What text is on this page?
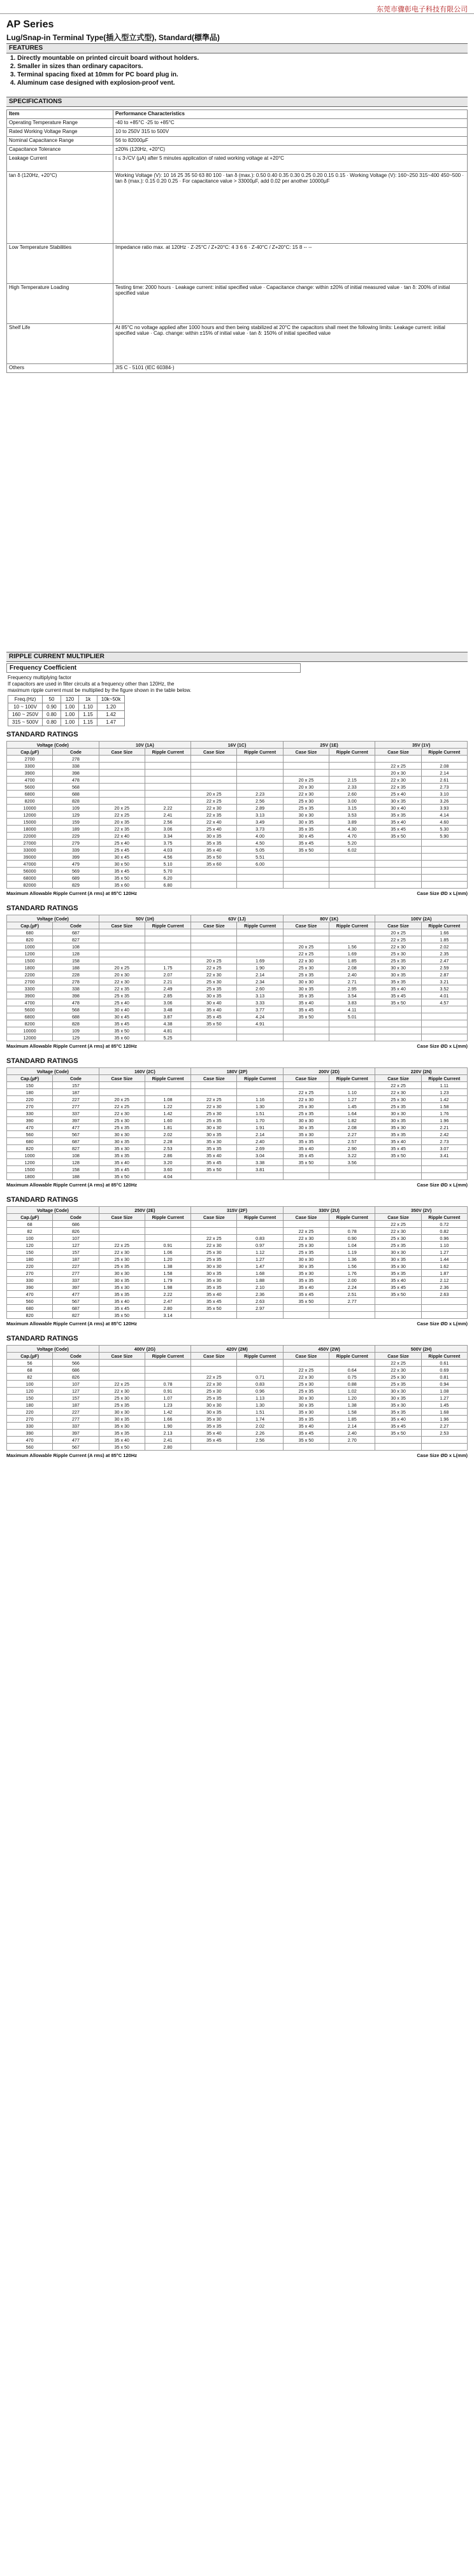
东莞市骤彰电子科技有限公司
AP Series
Lug/Snap-in Terminal Type(插入型立式型), Standard(標準品)
FEATURES
1. Directly mountable on printed circuit board without holders.
2. Smaller in sizes than ordinary capacitors.
3. Terminal spacing fixed at 10mm for PC board plug in.
4. Aluminum case designed with explosion-proof vent.
SPECIFICATIONS
Item	Performance Characteristics
Operating Temperature Range	-40 to +85°C -25 to +85°C
Rated Working Voltage Range	10 to 250V 315 to 500V
Nominal Capacitance Range	56 to 82000µF
Capacitance Tolerance	±20% (120Hz, +20°C)
Leakage Current	I ≤ 3√CV (µA) after 5 minutes application of rated working voltage at +20°C
tan δ (120Hz, +20°C)	Working Voltage (V): 10 16 25 35 50 63 80 100 · tan δ (max.): 0.50 0.40 0.35 0.30 0.25 0.20 0.15 0.15 · Working Voltage (V): 160~250 315~400 450~500 · tan δ (max.): 0.15 0.20 0.25 · For capacitance value > 33000µF, add 0.02 per another 10000µF
Low Temperature Stabilities	Impedance ratio max. at 120Hz · Z-25°C / Z+20°C: 4 3 6 6 · Z-40°C / Z+20°C: 15 8 -- --
High Temperature Loading	Testing time: 2000 hours · Leakage current: initial specified value · Capacitance change: within ±20% of initial measured value · tan δ: 200% of initial specified value
Shelf Life	At 85°C no voltage applied after 1000 hours and then being stabilized at 20°C the capacitors shall meet the following limits: Leakage current: initial specified value · Cap. change: within ±15% of initial value · tan δ: 150% of initial specified value
Others	JIS C - 5101 (IEC 60384-)
RIPPLE CURRENT MULTIPLIER
Frequency Coefficient
Frequency multiplying factor
If capacitors are used in filter circuits at a frequency other than 120Hz, the
maximum ripple current must be multiplied by the figure shown in the table below.
Freq.(Hz)	50	120	1k	10k~50k
10 ~ 100V	0.90	1.00	1.10	1.20
160 ~ 250V	0.80	1.00	1.15	1.42
315 ~ 500V	0.80	1.00	1.15	1.47
STANDARD RATINGS
Voltage (Code)		10V (1A)		16V (1C)		25V (1E)		35V (1V)	
Cap.(µF)	Code	Case Size	Ripple Current	Case Size	Ripple Current	Case Size	Ripple Current	Case Size	Ripple Current
2700	278								
3300	338							22 x 25	2.08
3900	398							20 x 30	2.14
4700	478					20 x 25	2.15	22 x 30	2.61
5600	568					20 x 30	2.33	22 x 35	2.73
6800	688			20 x 25	2.23	22 x 30	2.60	25 x 40	3.10
8200	828			22 x 25	2.56	25 x 30	3.00	30 x 35	3.26
10000	109	20 x 25	2.22	22 x 30	2.89	25 x 35	3.15	30 x 40	3.93
12000	129	22 x 25	2.41	22 x 35	3.13	30 x 30	3.53	35 x 35	4.14
15000	159	20 x 35	2.56	22 x 40	3.49	30 x 35	3.89	35 x 40	4.60
18000	189	22 x 35	3.06	25 x 40	3.73	35 x 35	4.30	35 x 45	5.30
22000	229	22 x 40	3.34	30 x 35	4.00	30 x 45	4.70	35 x 50	5.90
27000	279	25 x 40	3.75	35 x 35	4.50	35 x 45	5.20		
33000	339	25 x 45	4.03	35 x 40	5.05	35 x 50	6.02		
39000	399	30 x 45	4.56	35 x 50	5.51				
47000	479	30 x 50	5.10	35 x 60	6.00				
56000	569	35 x 45	5.70						
68000	689	35 x 50	6.20						
82000	829	35 x 60	6.80						
Maximum Allowable Ripple Current (A rms) at 85°C 120Hz	Case Size ØD x L(mm)
STANDARD RATINGS
Voltage (Code)		50V (1H)		63V (1J)		80V (1K)		100V (2A)	
Cap.(µF)	Code	Case Size	Ripple Current	Case Size	Ripple Current	Case Size	Ripple Current	Case Size	Ripple Current
680	687							20 x 25	1.66
820	827							22 x 25	1.85
1000	108					20 x 25	1.56	22 x 30	2.02
1200	128					22 x 25	1.69	25 x 30	2.35
1500	158			20 x 25	1.69	22 x 30	1.85	25 x 35	2.47
1800	188	20 x 25	1.75	22 x 25	1.90	25 x 30	2.08	30 x 30	2.59
2200	228	20 x 30	2.07	22 x 30	2.14	25 x 35	2.40	30 x 35	2.87
2700	278	22 x 30	2.21	25 x 30	2.34	30 x 30	2.71	35 x 35	3.21
3300	338	22 x 35	2.49	25 x 35	2.60	30 x 35	2.95	35 x 40	3.52
3900	398	25 x 35	2.85	30 x 35	3.13	35 x 35	3.54	35 x 45	4.01
4700	478	25 x 40	3.06	30 x 40	3.33	35 x 40	3.83	35 x 50	4.57
5600	568	30 x 40	3.48	35 x 40	3.77	35 x 45	4.11		
6800	688	30 x 45	3.87	35 x 45	4.24	35 x 50	5.01		
8200	828	35 x 45	4.38	35 x 50	4.91				
10000	109	35 x 50	4.81						
12000	129	35 x 60	5.25						
Maximum Allowable Ripple Current (A rms) at 85°C 120Hz	Case Size ØD x L(mm)
STANDARD RATINGS
Voltage (Code)		160V (2C)		180V (2P)		200V (2D)		220V (2N)	
Cap.(µF)	Code	Case Size	Ripple Current	Case Size	Ripple Current	Case Size	Ripple Current	Case Size	Ripple Current
150	157							22 x 25	1.11
180	187					22 x 25	1.10	22 x 30	1.23
220	227	20 x 25	1.08	22 x 25	1.16	22 x 30	1.27	25 x 30	1.42
270	277	22 x 25	1.22	22 x 30	1.30	25 x 30	1.45	25 x 35	1.58
330	337	22 x 30	1.42	25 x 30	1.51	25 x 35	1.64	30 x 30	1.76
390	397	25 x 30	1.60	25 x 35	1.70	30 x 30	1.82	30 x 35	1.96
470	477	25 x 35	1.81	30 x 30	1.91	30 x 35	2.08	35 x 30	2.21
560	567	30 x 30	2.02	30 x 35	2.14	35 x 30	2.27	35 x 35	2.42
680	687	30 x 35	2.28	35 x 30	2.40	35 x 35	2.57	35 x 40	2.73
820	827	35 x 30	2.53	35 x 35	2.69	35 x 40	2.90	35 x 45	3.07
1000	108	35 x 35	2.86	35 x 40	3.04	35 x 45	3.22	35 x 50	3.41
1200	128	35 x 40	3.20	35 x 45	3.38	35 x 50	3.56		
1500	158	35 x 45	3.60	35 x 50	3.81				
1800	188	35 x 50	4.04						
Maximum Allowable Ripple Current (A rms) at 85°C 120Hz	Case Size ØD x L(mm)
STANDARD RATINGS
Voltage (Code)		250V (2E)		315V (2F)		330V (2U)		350V (2V)	
Cap.(µF)	Code	Case Size	Ripple Current	Case Size	Ripple Current	Case Size	Ripple Current	Case Size	Ripple Current
68	686							22 x 25	0.72
82	826					22 x 25	0.78	22 x 30	0.82
100	107			22 x 25	0.83	22 x 30	0.90	25 x 30	0.96
120	127	22 x 25	0.91	22 x 30	0.97	25 x 30	1.04	25 x 35	1.10
150	157	22 x 30	1.06	25 x 30	1.12	25 x 35	1.19	30 x 30	1.27
180	187	25 x 30	1.20	25 x 35	1.27	30 x 30	1.36	30 x 35	1.44
220	227	25 x 35	1.38	30 x 30	1.47	30 x 35	1.56	35 x 30	1.62
270	277	30 x 30	1.58	30 x 35	1.68	35 x 30	1.76	35 x 35	1.87
330	337	30 x 35	1.79	35 x 30	1.88	35 x 35	2.00	35 x 40	2.12
390	397	35 x 30	1.98	35 x 35	2.10	35 x 40	2.24	35 x 45	2.36
470	477	35 x 35	2.22	35 x 40	2.36	35 x 45	2.51	35 x 50	2.63
560	567	35 x 40	2.47	35 x 45	2.63	35 x 50	2.77		
680	687	35 x 45	2.80	35 x 50	2.97				
820	827	35 x 50	3.14						
Maximum Allowable Ripple Current (A rms) at 85°C 120Hz	Case Size ØD x L(mm)
STANDARD RATINGS
Voltage (Code)		400V (2G)		420V (2M)		450V (2W)		500V (2H)	
Cap.(µF)	Code	Case Size	Ripple Current	Case Size	Ripple Current	Case Size	Ripple Current	Case Size	Ripple Current
56	566							22 x 25	0.61
68	686					22 x 25	0.64	22 x 30	0.69
82	826			22 x 25	0.71	22 x 30	0.75	25 x 30	0.81
100	107	22 x 25	0.78	22 x 30	0.83	25 x 30	0.88	25 x 35	0.94
120	127	22 x 30	0.91	25 x 30	0.96	25 x 35	1.02	30 x 30	1.08
150	157	25 x 30	1.07	25 x 35	1.13	30 x 30	1.20	30 x 35	1.27
180	187	25 x 35	1.23	30 x 30	1.30	30 x 35	1.38	35 x 30	1.45
220	227	30 x 30	1.42	30 x 35	1.51	35 x 30	1.58	35 x 35	1.68
270	277	30 x 35	1.66	35 x 30	1.74	35 x 35	1.85	35 x 40	1.96
330	337	35 x 30	1.90	35 x 35	2.02	35 x 40	2.14	35 x 45	2.27
390	397	35 x 35	2.13	35 x 40	2.26	35 x 45	2.40	35 x 50	2.53
470	477	35 x 40	2.41	35 x 45	2.56	35 x 50	2.70		
560	567	35 x 50	2.80						
Maximum Allowable Ripple Current (A rms) at 85°C 120Hz	Case Size ØD x L(mm)
